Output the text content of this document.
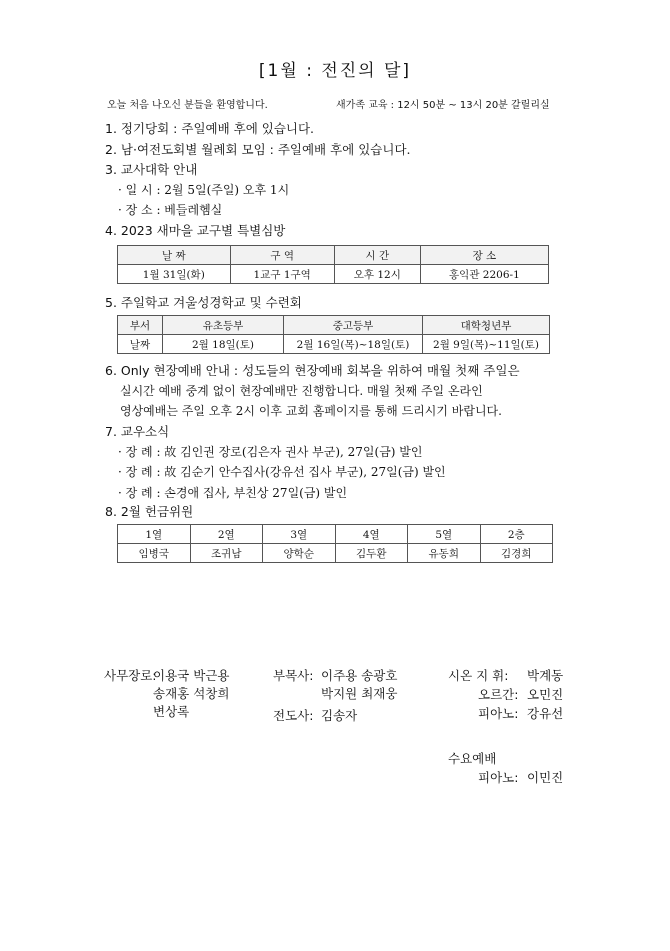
[1월 : 전진의 달]
오늘 처음 나오신 분들을 환영합니다.	새가족 교육 : 12시 50분 ~ 13시 20분 갈릴리실
1. 정기당회 : 주일예배 후에 있습니다.
2. 남·여전도회별 월례회 모임 : 주일예배 후에 있습니다.
3. 교사대학 안내
· 일 시 : 2월 5일(주일) 오후 1시
· 장 소 : 베들레헴실
4. 2023 새마을 교구별 특별심방
날 짜	구 역	시 간	장 소
1월 31일(화)	1교구 1구역	오후 12시	홍익관 2206-1
5. 주일학교 겨울성경학교 및 수련회
부서	유초등부	중고등부	대학청년부
날짜	2월 18일(토)	2월 16일(목)~18일(토)	2월 9일(목)~11일(토)
6. Only 현장예배 안내 : 성도들의 현장예배 회복을 위하여 매월 첫째 주일은
실시간 예배 중계 없이 현장예배만 진행합니다. 매월 첫째 주일 온라인
영상예배는 주일 오후 2시 이후 교회 홈페이지를 통해 드리시기 바랍니다.
7. 교우소식
· 장 례 : 故 김인권 장로(김은자 권사 부군), 27일(금) 발인
· 장 례 : 故 김순기 안수집사(강유선 집사 부군), 27일(금) 발인
· 장 례 : 손경애 집사, 부친상 27일(금) 발인
8. 2월 헌금위원
1열	2열	3열	4열	5열	2층
임병국	조귀남	양학순	김두환	유동희	김경희
사무장로:
이용국 박근용
송재홍 석창희
변상록
부목사: 이주용 송광호
박지원 최재웅
전도사: 김송자
시온 지 휘: 박계동
오르간: 오민진
피아노: 강유선
수요예배
피아노: 이민진
